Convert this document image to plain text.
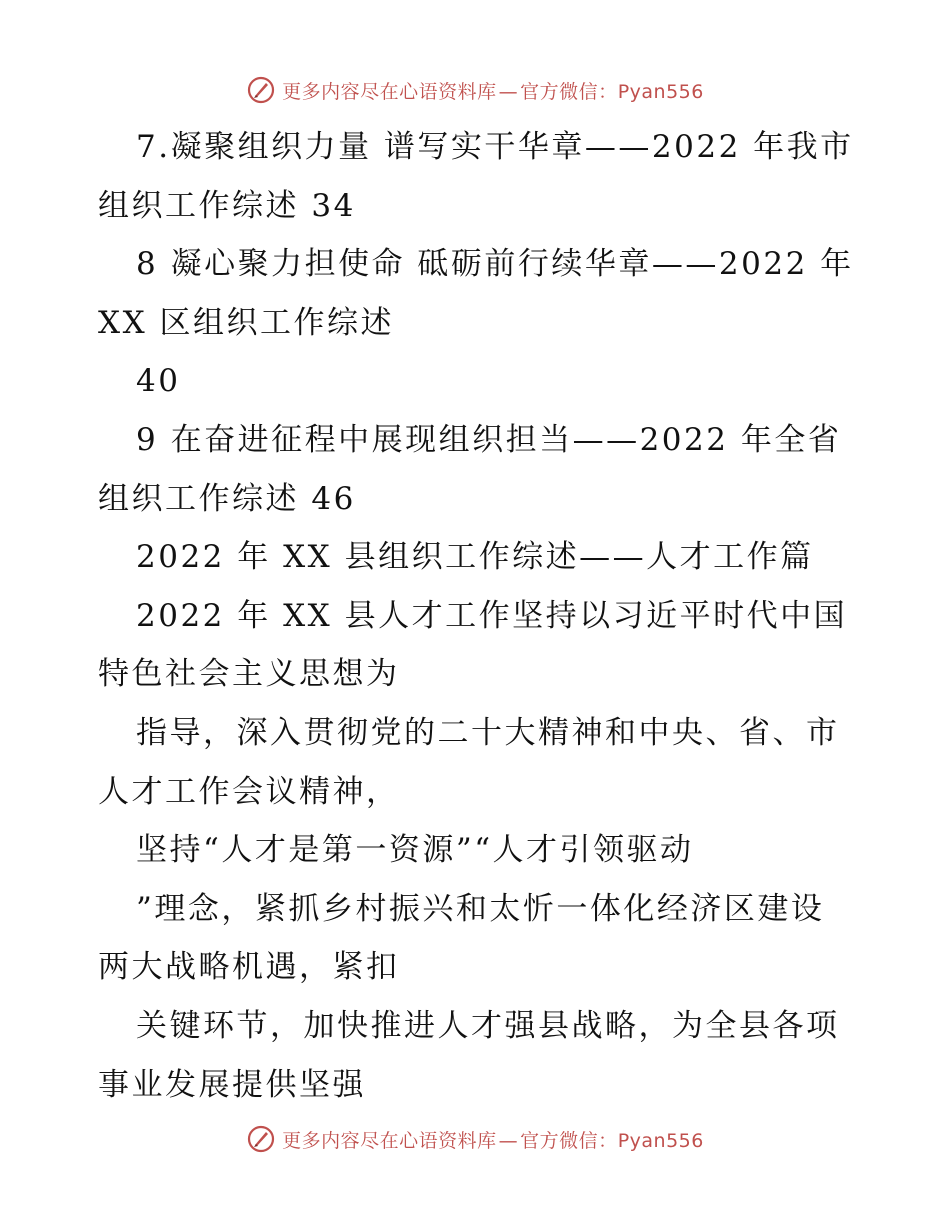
更多内容尽在心语资料库 — 官方微信：Pyan556
7.凝聚组织力量 谱写实干华章——2022 年我市
组织工作综述 34
8 凝心聚力担使命 砥砺前行续华章——2022 年
XX 区组织工作综述
40
9 在奋进征程中展现组织担当——2022 年全省
组织工作综述 46
2022 年 XX 县组织工作综述——人才工作篇
2022 年 XX 县人才工作坚持以习近平时代中国
特色社会主义思想为
指导，深入贯彻党的二十大精神和中央、省、市
人才工作会议精神，
坚持“人才是第一资源”“人才引领驱动
”理念，紧抓乡村振兴和太忻一体化经济区建设
两大战略机遇，紧扣
关键环节，加快推进人才强县战略，为全县各项
事业发展提供坚强
更多内容尽在心语资料库 — 官方微信：Pyan556
